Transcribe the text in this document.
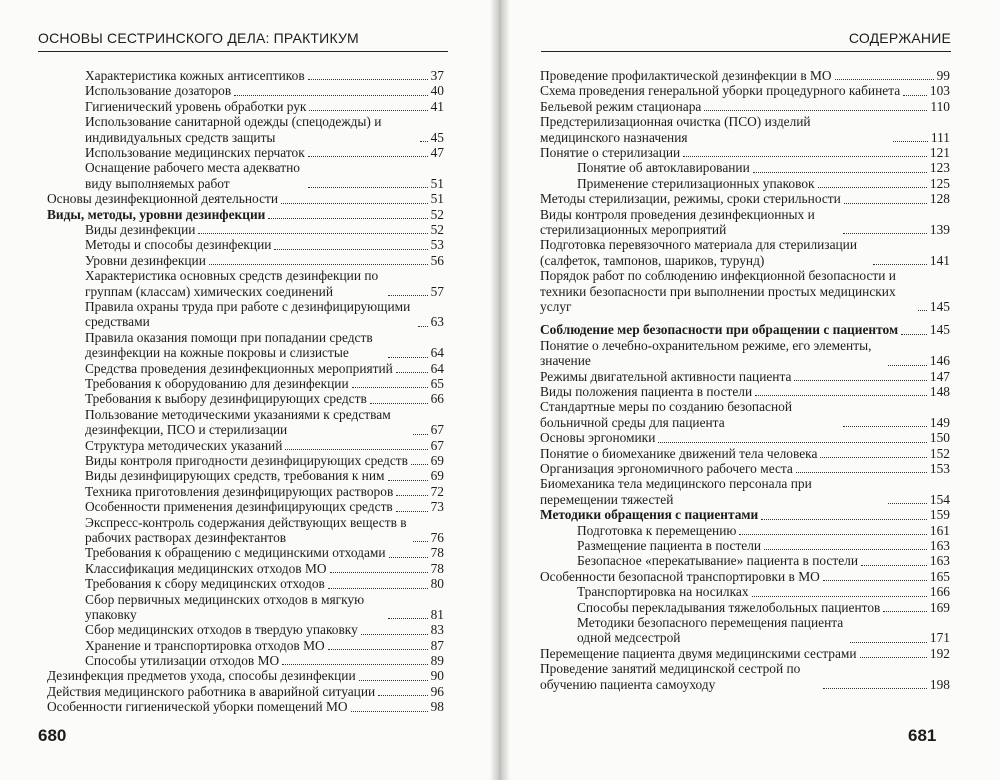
ОСНОВЫ СЕСТРИНСКОГО ДЕЛА: ПРАКТИКУМ
Характеристика кожных антисептиков	37
Использование дозаторов	40
Гигиенический уровень обработки рук	41
Использование санитарной одежды (спецодежды) и индивидуальных средств защиты	45
Использование медицинских перчаток	47
Оснащение рабочего места адекватно виду выполняемых работ	51
Основы дезинфекционной деятельности	51
Виды, методы, уровни дезинфекции	52
Виды дезинфекции	52
Методы и способы дезинфекции	53
Уровни дезинфекции	56
Характеристика основных средств дезинфекции по группам (классам) химических соединений	57
Правила охраны труда при работе с дезинфицирующими средствами	63
Правила оказания помощи при попадании средств дезинфекции на кожные покровы и слизистые	64
Средства проведения дезинфекционных мероприятий	64
Требования к оборудованию для дезинфекции	65
Требования к выбору дезинфицирующих средств	66
Пользование методическими указаниями к средствам дезинфекции, ПСО и стерилизации	67
Структура методических указаний	67
Виды контроля пригодности дезинфицирующих средств 69
Виды дезинфицирующих средств, требования к ним	69
Техника приготовления дезинфицирующих растворов	72
Особенности применения дезинфицирующих средств	73
Экспресс-контроль содержания действующих веществ в рабочих растворах дезинфектантов	76
Требования к обращению с медицинскими отходами	78
Классификация медицинских отходов МО	78
Требования к сбору медицинских отходов	80
Сбор первичных медицинских отходов в мягкую упаковку	81
Сбор медицинских отходов в твердую упаковку	83
Хранение и транспортировка отходов МО	87
Способы утилизации отходов МО	89
Дезинфекция предметов ухода, способы дезинфекции	90
Действия медицинского работника в аварийной ситуации	96
Особенности гигиенической уборки помещений МО	98
680
СОДЕРЖАНИЕ
Проведение профилактической дезинфекции в МО	99
Схема проведения генеральной уборки процедурного кабинета 103
Бельевой режим стационара	110
Предстерилизационная очистка (ПСО) изделий медицинского назначения	111
Понятие о стерилизации	121
Понятие об автоклавировании	123
Применение стерилизационных упаковок	125
Методы стерилизации, режимы, сроки стерильности	128
Виды контроля проведения дезинфекционных и стерилизационных мероприятий	139
Подготовка перевязочного материала для стерилизации (салфеток, тампонов, шариков, турунд)	141
Порядок работ по соблюдению инфекционной безопасности и техники безопасности при выполнении простых медицинских услуг	145
Соблюдение мер безопасности при обращении с пациентом 145
Понятие о лечебно-охранительном режиме, его элементы, значение	146
Режимы двигательной активности пациента	147
Виды положения пациента в постели	148
Стандартные меры по созданию безопасной больничной среды для пациента	149
Основы эргономики	150
Понятие о биомеханике движений тела человека	152
Организация эргономичного рабочего места	153
Биомеханика тела медицинского персонала при перемещении тяжестей	154
Методики обращения с пациентами	159
Подготовка к перемещению	161
Размещение пациента в постели	163
Безопасное «перекатывание» пациента в постели	163
Особенности безопасной транспортировки в МО	165
Транспортировка на носилках	166
Способы перекладывания тяжелобольных пациентов	169
Методики безопасного перемещения пациента одной медсестрой	171
Перемещение пациента двумя медицинскими сестрами	192
Проведение занятий медицинской сестрой по обучению пациента самоуходу	198
681
